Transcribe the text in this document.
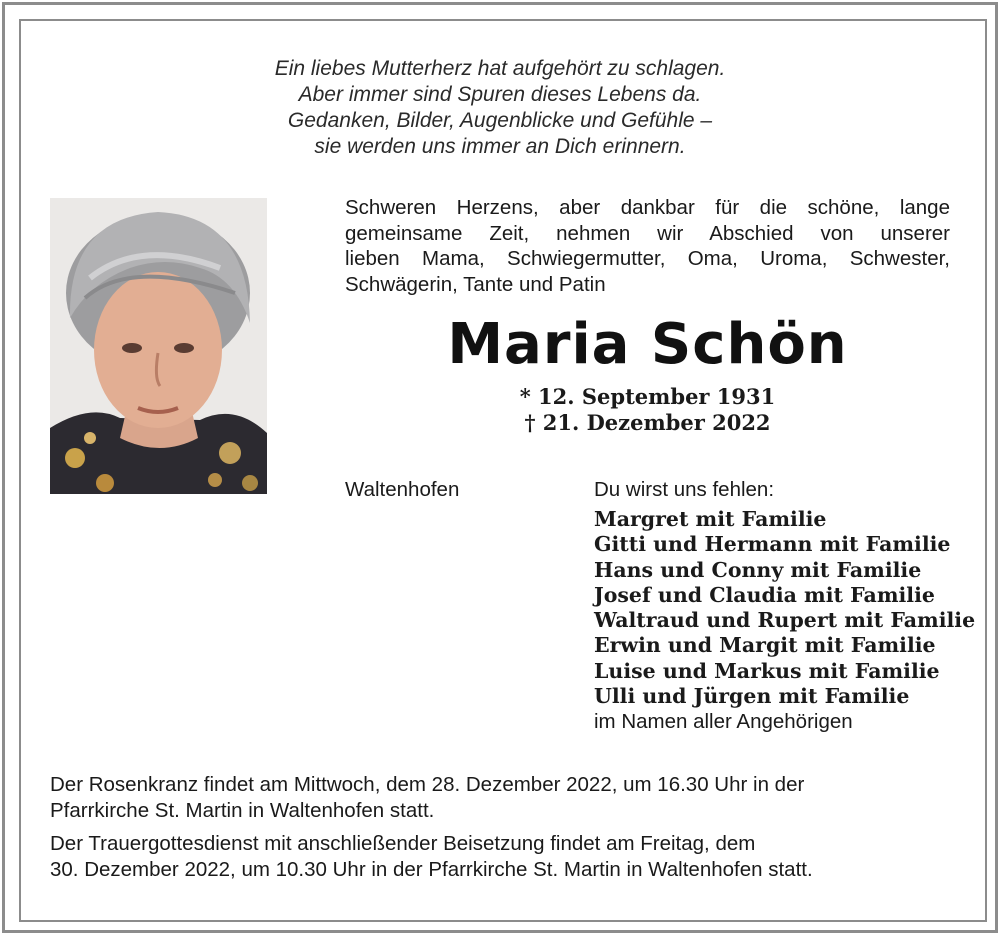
Ein liebes Mutterherz hat aufgehört zu schlagen.
Aber immer sind Spuren dieses Lebens da.
Gedanken, Bilder, Augenblicke und Gefühle –
sie werden uns immer an Dich erinnern.
Schweren Herzens, aber dankbar für die schöne, lange
gemeinsame Zeit, nehmen wir Abschied von unserer
lieben Mama, Schwiegermutter, Oma, Uroma, Schwester,
Schwägerin, Tante und Patin
Maria Schön
* 12. September 1931
† 21. Dezember 2022
Waltenhofen	Du wirst uns fehlen:
Margret mit Familie
Gitti und Hermann mit Familie
Hans und Conny mit Familie
Josef und Claudia mit Familie
Waltraud und Rupert mit Familie
Erwin und Margit mit Familie
Luise und Markus mit Familie
Ulli und Jürgen mit Familie
im Namen aller Angehörigen
Der Rosenkranz findet am Mittwoch, dem 28. Dezember 2022, um 16.30 Uhr in der
Pfarrkirche St. Martin in Waltenhofen statt.
Der Trauergottesdienst mit anschließender Beisetzung findet am Freitag, dem
30. Dezember 2022, um 10.30 Uhr in der Pfarrkirche St. Martin in Waltenhofen statt.
